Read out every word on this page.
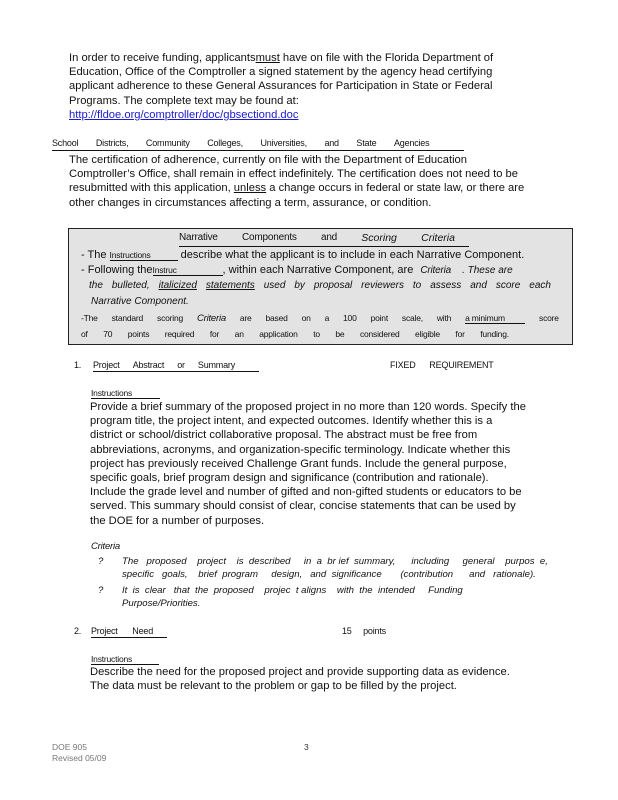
In order to receive funding, applicantsmust have on file with the Florida Department of
Education, Office of the Comptroller a signed statement by the agency head certifying
applicant adherence to these General Assurances for Participation in State or Federal
Programs. The complete text may be found at:
http://fldoe.org/comptroller/doc/gbsectiond.doc
School Districts, Community Colleges, Universities, and State Agencies
The certification of adherence, currently on file with the Department of Education
Comptroller’s Office, shall remain in effect indefinitely. The certification does not need to be
resubmitted with this application, unless a change occurs in federal or state law, or there are
other changes in circumstances affecting a term, assurance, or condition.
Narrative Components and Scoring Criteria
- The Instructions	describe what the applicant is to include in each Narrative Component.
- Following theInstruc	, within each Narrative Component, are Criteria . These are
the bulleted, italicized statements used by proposal reviewers to assess and score each
Narrative Component.
-The standard scoring Criteria are based on a 100 point scale, with a minimum	score
of 70 points required for an application to be considered eligible for funding.
1. Project Abstract or Summary	FIXED      REQUIREMENT
Instructions
Provide a brief summary of the proposed project in no more than 120 words. Specify the
program title, the project intent, and expected outcomes. Identify whether this is a
district or school/district collaborative proposal. The abstract must be free from
abbreviations, acronyms, and organization-specific terminology. Indicate whether this
project has previously received Challenge Grant funds. Include the general purpose,
specific goals, brief program design and significance (contribution and rationale).
Include the grade level and number of gifted and non-gifted students or educators to be
served. This summary should consist of clear, concise statements that can be used by
the DOE for a number of purposes.
Criteria
? The   proposed    project    is  described     in  a  br ief  summary,      including     general    purpos  e,
specific   goals,    brief  program     design,   and  significance       (contribution      and   rationale).
? It  is  clear   that  the  proposed    projec  t aligns    with  the  intended     Funding
Purpose/Priorities.
2. Project Need	15     points
Instructions
Describe the need for the proposed project and provide supporting data as evidence.
The data must be relevant to the problem or gap to be filled by the project.
DOE 905
Revised 05/09
3
